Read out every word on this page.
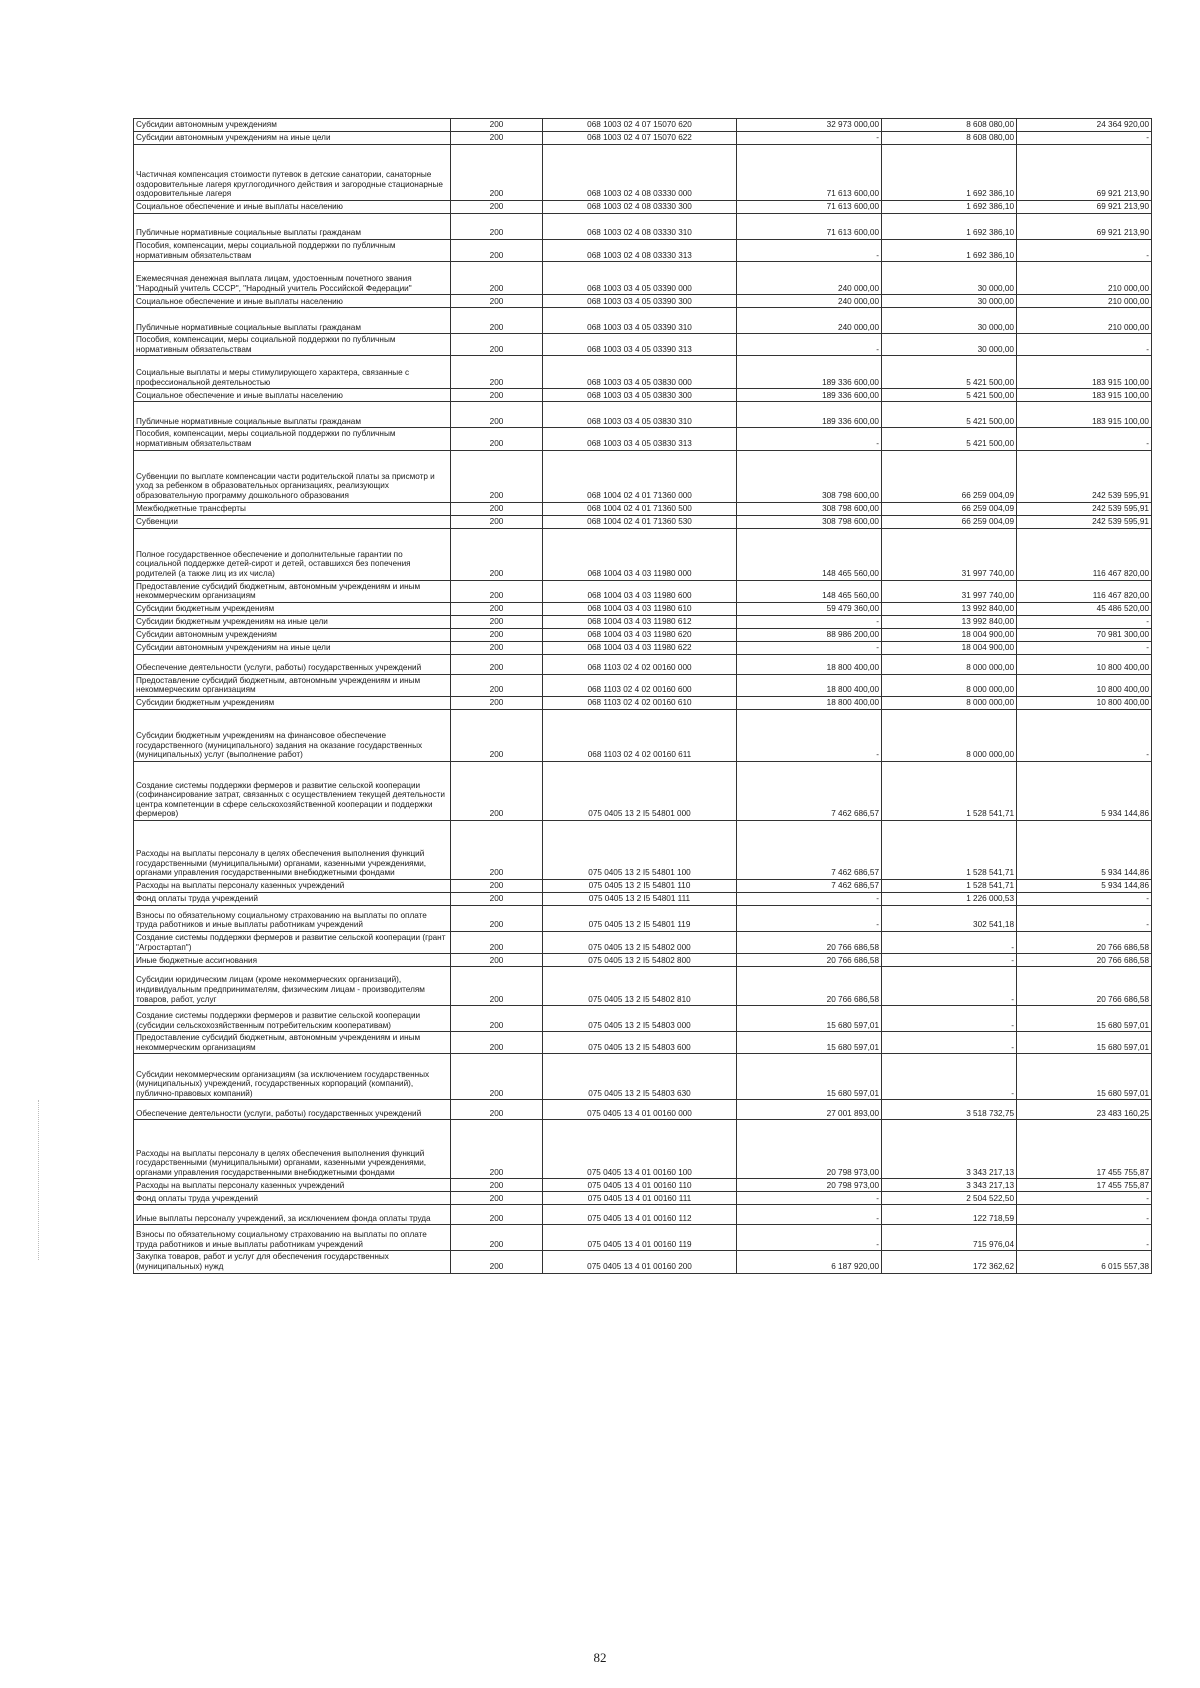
Субсидии автономным учреждениям	200	068 1003 02 4 07 15070 620	32 973 000,00	8 608 080,00	24 364 920,00
Субсидии автономным учреждениям на иные цели	200	068 1003 02 4 07 15070 622	-	8 608 080,00	-
Частичная компенсация стоимости путевок в детские санатории, санаторные оздоровительные лагеря круглогодичного действия и загородные стационарные оздоровительные лагеря	200	068 1003 02 4 08 03330 000	71 613 600,00	1 692 386,10	69 921 213,90
Социальное обеспечение и иные выплаты населению	200	068 1003 02 4 08 03330 300	71 613 600,00	1 692 386,10	69 921 213,90
Публичные нормативные социальные выплаты гражданам	200	068 1003 02 4 08 03330 310	71 613 600,00	1 692 386,10	69 921 213,90
Пособия, компенсации, меры социальной поддержки по публичным нормативным обязательствам	200	068 1003 02 4 08 03330 313	-	1 692 386,10	-
Ежемесячная денежная выплата лицам, удостоенным почетного звания "Народный учитель СССР", "Народный учитель Российской Федерации"	200	068 1003 03 4 05 03390 000	240 000,00	30 000,00	210 000,00
Социальное обеспечение и иные выплаты населению	200	068 1003 03 4 05 03390 300	240 000,00	30 000,00	210 000,00
Публичные нормативные социальные выплаты гражданам	200	068 1003 03 4 05 03390 310	240 000,00	30 000,00	210 000,00
Пособия, компенсации, меры социальной поддержки по публичным нормативным обязательствам	200	068 1003 03 4 05 03390 313	-	30 000,00	-
Социальные выплаты и меры стимулирующего характера, связанные с профессиональной деятельностью	200	068 1003 03 4 05 03830 000	189 336 600,00	5 421 500,00	183 915 100,00
Социальное обеспечение и иные выплаты населению	200	068 1003 03 4 05 03830 300	189 336 600,00	5 421 500,00	183 915 100,00
Публичные нормативные социальные выплаты гражданам	200	068 1003 03 4 05 03830 310	189 336 600,00	5 421 500,00	183 915 100,00
Пособия, компенсации, меры социальной поддержки по публичным нормативным обязательствам	200	068 1003 03 4 05 03830 313	-	5 421 500,00	-
Субвенции по выплате компенсации части родительской платы за присмотр и уход за ребенком в образовательных организациях, реализующих образовательную программу дошкольного образования	200	068 1004 02 4 01 71360 000	308 798 600,00	66 259 004,09	242 539 595,91
Межбюджетные трансферты	200	068 1004 02 4 01 71360 500	308 798 600,00	66 259 004,09	242 539 595,91
Субвенции	200	068 1004 02 4 01 71360 530	308 798 600,00	66 259 004,09	242 539 595,91
Полное государственное обеспечение и дополнительные гарантии по социальной поддержке детей-сирот и детей, оставшихся без попечения родителей (а также лиц из их числа)	200	068 1004 03 4 03 11980 000	148 465 560,00	31 997 740,00	116 467 820,00
Предоставление субсидий бюджетным, автономным учреждениям и иным некоммерческим организациям	200	068 1004 03 4 03 11980 600	148 465 560,00	31 997 740,00	116 467 820,00
Субсидии бюджетным учреждениям	200	068 1004 03 4 03 11980 610	59 479 360,00	13 992 840,00	45 486 520,00
Субсидии бюджетным учреждениям на иные цели	200	068 1004 03 4 03 11980 612	-	13 992 840,00	-
Субсидии автономным учреждениям	200	068 1004 03 4 03 11980 620	88 986 200,00	18 004 900,00	70 981 300,00
Субсидии автономным учреждениям на иные цели	200	068 1004 03 4 03 11980 622	-	18 004 900,00	-
Обеспечение деятельности (услуги, работы) государственных учреждений	200	068 1103 02 4 02 00160 000	18 800 400,00	8 000 000,00	10 800 400,00
Предоставление субсидий бюджетным, автономным учреждениям и иным некоммерческим организациям	200	068 1103 02 4 02 00160 600	18 800 400,00	8 000 000,00	10 800 400,00
Субсидии бюджетным учреждениям	200	068 1103 02 4 02 00160 610	18 800 400,00	8 000 000,00	10 800 400,00
Субсидии бюджетным учреждениям на финансовое обеспечение государственного (муниципального) задания на оказание государственных (муниципальных) услуг (выполнение работ)	200	068 1103 02 4 02 00160 611	-	8 000 000,00	-
Создание системы поддержки фермеров и развитие сельской кооперации (софинансирование затрат, связанных с осуществлением текущей деятельности центра компетенции в сфере сельскохозяйственной кооперации и поддержки фермеров)	200	075 0405 13 2 I5 54801 000	7 462 686,57	1 528 541,71	5 934 144,86
Расходы на выплаты персоналу в целях обеспечения выполнения функций государственными (муниципальными) органами, казенными учреждениями, органами управления государственными внебюджетными фондами	200	075 0405 13 2 I5 54801 100	7 462 686,57	1 528 541,71	5 934 144,86
Расходы на выплаты персоналу казенных учреждений	200	075 0405 13 2 I5 54801 110	7 462 686,57	1 528 541,71	5 934 144,86
Фонд оплаты труда учреждений	200	075 0405 13 2 I5 54801 111	-	1 226 000,53	-
Взносы по обязательному социальному страхованию на выплаты по оплате труда работников и иные выплаты работникам учреждений	200	075 0405 13 2 I5 54801 119	-	302 541,18	-
Создание системы поддержки фермеров и развитие сельской кооперации (грант "Агростартап")	200	075 0405 13 2 I5 54802 000	20 766 686,58	-	20 766 686,58
Иные бюджетные ассигнования	200	075 0405 13 2 I5 54802 800	20 766 686,58	-	20 766 686,58
Субсидии юридическим лицам (кроме некоммерческих организаций), индивидуальным предпринимателям, физическим лицам - производителям товаров, работ, услуг	200	075 0405 13 2 I5 54802 810	20 766 686,58	-	20 766 686,58
Создание системы поддержки фермеров и развитие сельской кооперации (субсидии сельскохозяйственным потребительским кооперативам)	200	075 0405 13 2 I5 54803 000	15 680 597,01	-	15 680 597,01
Предоставление субсидий бюджетным, автономным учреждениям и иным некоммерческим организациям	200	075 0405 13 2 I5 54803 600	15 680 597,01	-	15 680 597,01
Субсидии некоммерческим организациям (за исключением государственных (муниципальных) учреждений, государственных корпораций (компаний), публично-правовых компаний)	200	075 0405 13 2 I5 54803 630	15 680 597,01	-	15 680 597,01
Обеспечение деятельности (услуги, работы) государственных учреждений	200	075 0405 13 4 01 00160 000	27 001 893,00	3 518 732,75	23 483 160,25
Расходы на выплаты персоналу в целях обеспечения выполнения функций государственными (муниципальными) органами, казенными учреждениями, органами управления государственными внебюджетными фондами	200	075 0405 13 4 01 00160 100	20 798 973,00	3 343 217,13	17 455 755,87
Расходы на выплаты персоналу казенных учреждений	200	075 0405 13 4 01 00160 110	20 798 973,00	3 343 217,13	17 455 755,87
Фонд оплаты труда учреждений	200	075 0405 13 4 01 00160 111	-	2 504 522,50	-
Иные выплаты персоналу учреждений, за исключением фонда оплаты труда	200	075 0405 13 4 01 00160 112	-	122 718,59	-
Взносы по обязательному социальному страхованию на выплаты по оплате труда работников и иные выплаты работникам учреждений	200	075 0405 13 4 01 00160 119	-	715 976,04	-
Закупка товаров, работ и услуг для обеспечения государственных (муниципальных) нужд	200	075 0405 13 4 01 00160 200	6 187 920,00	172 362,62	6 015 557,38
82
